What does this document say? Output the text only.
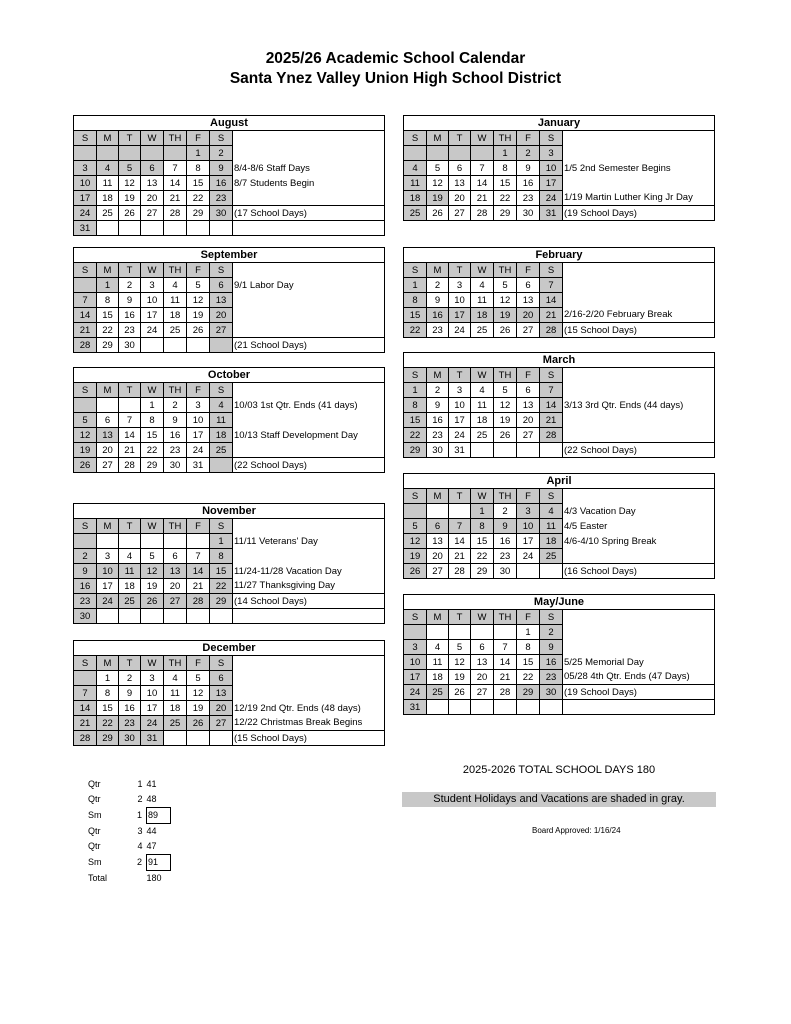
2025/26 Academic School Calendar
Santa Ynez Valley Union High School District
August							
S	M	T	W	TH	F	S	
					1	2	
3	4	5	6	7	8	9	8/4-8/6 Staff Days
10	11	12	13	14	15	16	8/7 Students Begin
17	18	19	20	21	22	23	
24	25	26	27	28	29	30	(17 School Days)
31							
September							
S	M	T	W	TH	F	S	
	1	2	3	4	5	6	9/1 Labor Day
7	8	9	10	11	12	13	
14	15	16	17	18	19	20	
21	22	23	24	25	26	27	
28	29	30					(21 School Days)
October							
S	M	T	W	TH	F	S	
			1	2	3	4	10/03 1st Qtr. Ends (41 days)
5	6	7	8	9	10	11	
12	13	14	15	16	17	18	10/13 Staff Development Day
19	20	21	22	23	24	25	
26	27	28	29	30	31		(22 School Days)
November							
S	M	T	W	TH	F	S	
						1	11/11 Veterans' Day
2	3	4	5	6	7	8	
9	10	11	12	13	14	15	11/24-11/28 Vacation Day
16	17	18	19	20	21	22	11/27 Thanksgiving Day
23	24	25	26	27	28	29	(14 School Days)
30							
December							
S	M	T	W	TH	F	S	
	1	2	3	4	5	6	
7	8	9	10	11	12	13	
14	15	16	17	18	19	20	12/19 2nd Qtr. Ends (48 days)
21	22	23	24	25	26	27	12/22 Christmas Break Begins
28	29	30	31				(15 School Days)
January							
S	M	T	W	TH	F	S	
				1	2	3	
4	5	6	7	8	9	10	1/5 2nd Semester Begins
11	12	13	14	15	16	17	
18	19	20	21	22	23	24	1/19 Martin Luther King Jr Day
25	26	27	28	29	30	31	(19 School Days)
February							
S	M	T	W	TH	F	S	
1	2	3	4	5	6	7	
8	9	10	11	12	13	14	
15	16	17	18	19	20	21	2/16-2/20 February Break
22	23	24	25	26	27	28	(15 School Days)
March							
S	M	T	W	TH	F	S	
1	2	3	4	5	6	7	
8	9	10	11	12	13	14	3/13 3rd Qtr. Ends (44 days)
15	16	17	18	19	20	21	
22	23	24	25	26	27	28	
29	30	31					(22 School Days)
April							
S	M	T	W	TH	F	S	
			1	2	3	4	4/3 Vacation Day
5	6	7	8	9	10	11	4/5 Easter
12	13	14	15	16	17	18	4/6-4/10 Spring Break
19	20	21	22	23	24	25	
26	27	28	29	30			(16 School Days)
May/June							
S	M	T	W	TH	F	S	
					1	2	
3	4	5	6	7	8	9	
10	11	12	13	14	15	16	5/25 Memorial Day
17	18	19	20	21	22	23	05/28 4th Qtr. Ends (47 Days)
24	25	26	27	28	29	30	(19 School Days)
31							
Qtr	1	41
Qtr	2	48
Sm	1	89
Qtr	3	44
Qtr	4	47
Sm	2	91
Total		180
2025-2026 TOTAL SCHOOL DAYS 180
Student Holidays and Vacations are shaded in gray.
Board Approved: 1/16/24
